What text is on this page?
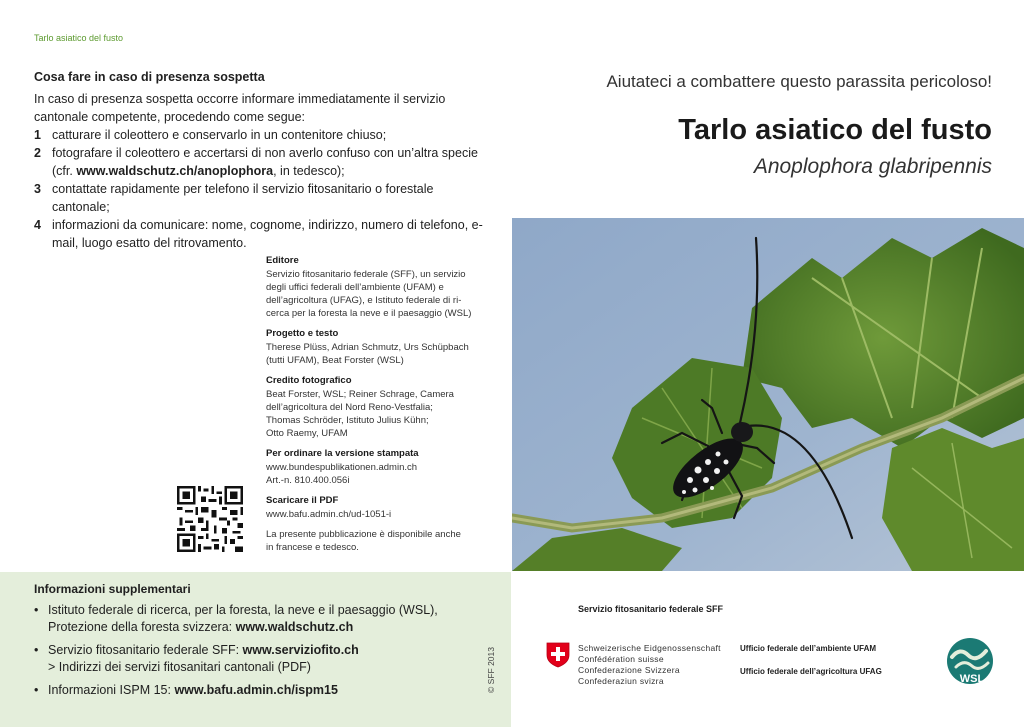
Tarlo asiatico del fusto
Cosa fare in caso di presenza sospetta

In caso di presenza sospetta occorre informare immediatamente il servizio cantonale competente, procedendo come segue:

1 catturare il coleottero e conservarlo in un contenitore chiuso;
2 fotografare il coleottero e accertarsi di non averlo confuso con un’altra specie (cfr. www.waldschutz.ch/anoplophora, in tedesco);
3 contattate rapidamente per telefono il servizio fitosanitario o forestale cantonale;
4 informazioni da comunicare: nome, cognome, indirizzo, numero di telefono, e-mail, luogo esatto del ritrovamento.
Editore
Servizio fitosanitario federale (SFF), un servizio
degli uffici federali dell’ambiente (UFAM) e
dell’agricoltura (UFAG), e Istituto federale di ri-
cerca per la foresta la neve e il paesaggio (WSL)
Progetto e testo
Therese Plüss, Adrian Schmutz, Urs Schüpbach
(tutti UFAM), Beat Forster (WSL)
Credito fotografico
Beat Forster, WSL; Reiner Schrage, Camera
dell’agricoltura del Nord Reno-Vestfalia;
Thomas Schröder, Istituto Julius Kühn;
Otto Raemy, UFAM
Per ordinare la versione stampata
www.bundespublikationen.admin.ch
Art.-n. 810.400.056i
Scaricare il PDF
www.bafu.admin.ch/ud-1051-i
La presente pubblicazione è disponibile anche
in francese e tedesco.
Informazioni supplementari
• Istituto federale di ricerca, per la foresta, la neve e il paesaggio (WSL), Protezione della foresta svizzera: www.waldschutz.ch
• Servizio fitosanitario federale SFF: www.serviziofito.ch
> Indirizzi dei servizi fitosanitari cantonali (PDF)
• Informazioni ISPM 15: www.bafu.admin.ch/ispm15	© SFF 2013
Aiutateci a combattere questo parassita pericoloso!
Tarlo asiatico del fusto
Anoplophora glabripennis
Servizio fitosanitario federale SFF
Schweizerische Eidgenossenschaft
Confédération suisse
Confederazione Svizzera
Confederaziun svizra
Ufficio federale dell’ambiente UFAM
Ufficio federale dell’agricoltura UFAG
WSL
